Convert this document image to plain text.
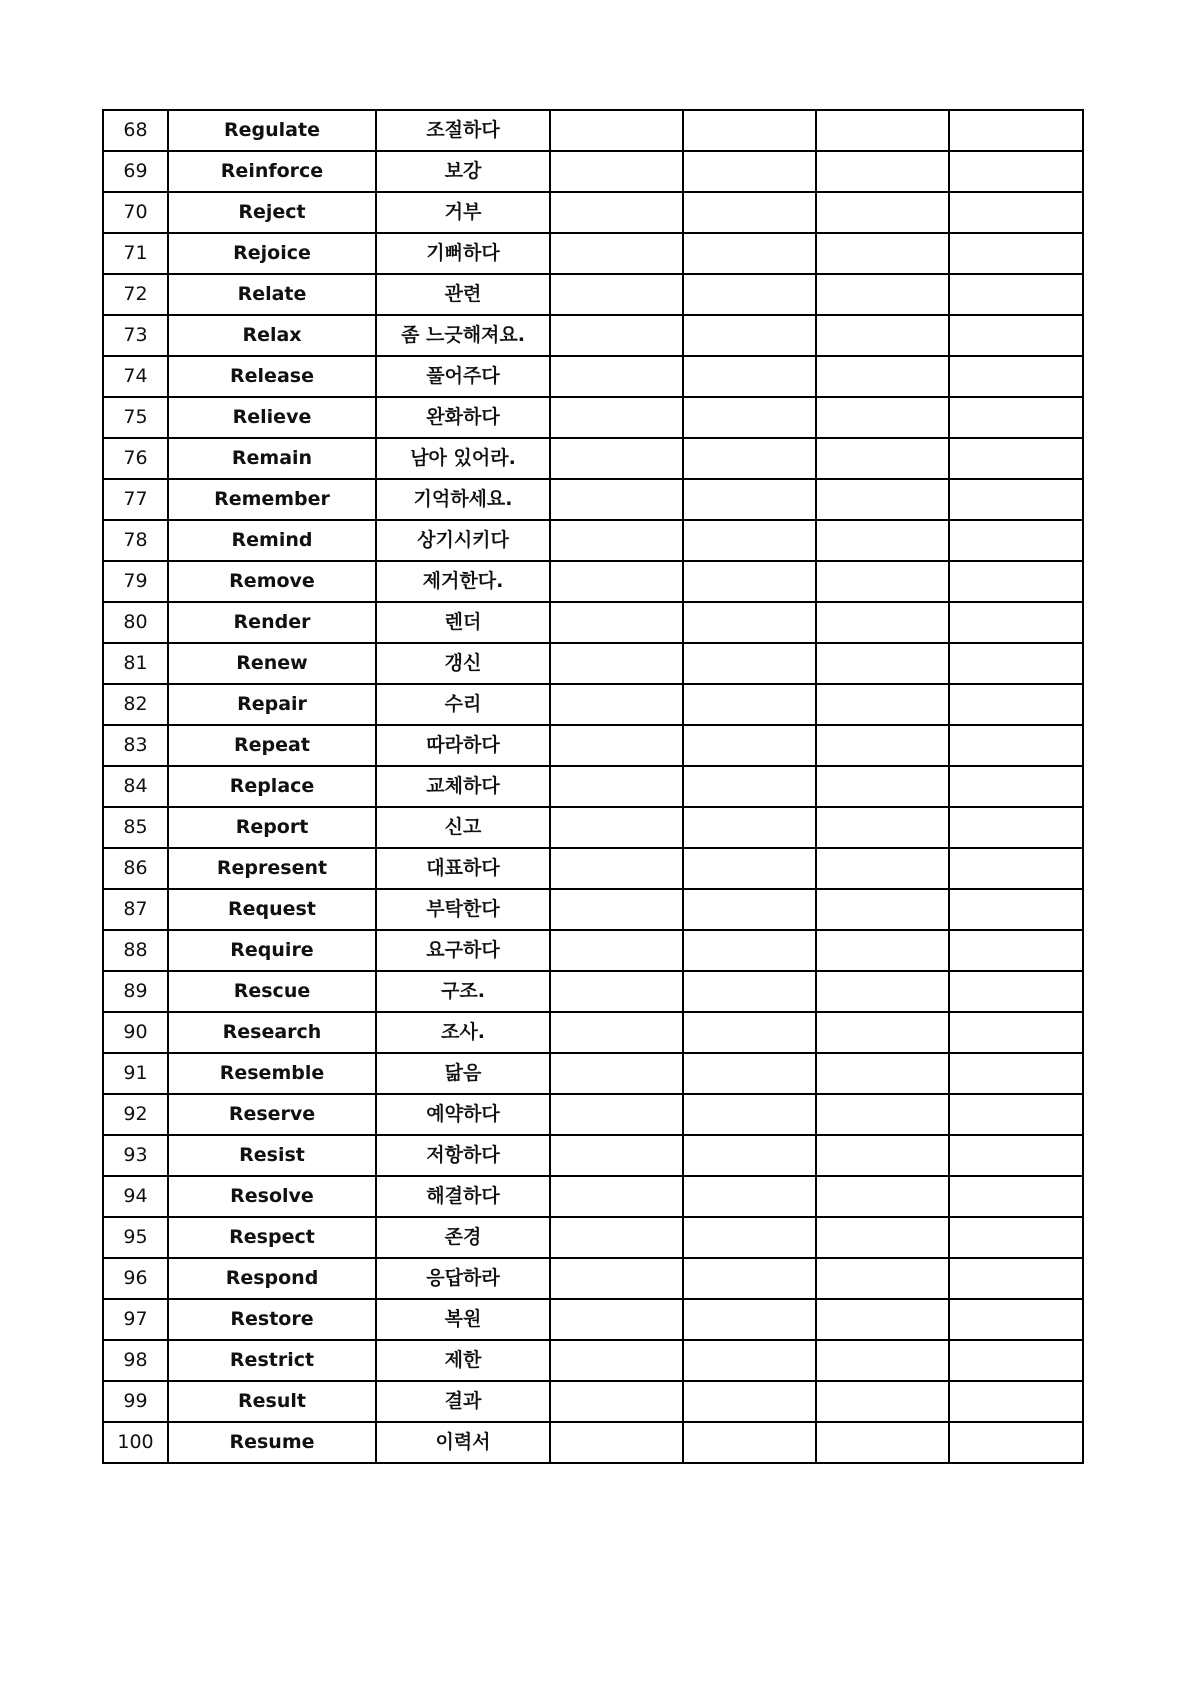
68	Regulate	조절하다				
69	Reinforce	보강				
70	Reject	거부				
71	Rejoice	기뻐하다				
72	Relate	관련				
73	Relax	좀 느긋해져요.				
74	Release	풀어주다				
75	Relieve	완화하다				
76	Remain	남아 있어라.				
77	Remember	기억하세요.				
78	Remind	상기시키다				
79	Remove	제거한다.				
80	Render	렌더				
81	Renew	갱신				
82	Repair	수리				
83	Repeat	따라하다				
84	Replace	교체하다				
85	Report	신고				
86	Represent	대표하다				
87	Request	부탁한다				
88	Require	요구하다				
89	Rescue	구조.				
90	Research	조사.				
91	Resemble	닮음				
92	Reserve	예약하다				
93	Resist	저항하다				
94	Resolve	해결하다				
95	Respect	존경				
96	Respond	응답하라				
97	Restore	복원				
98	Restrict	제한				
99	Result	결과				
100	Resume	이력서				
